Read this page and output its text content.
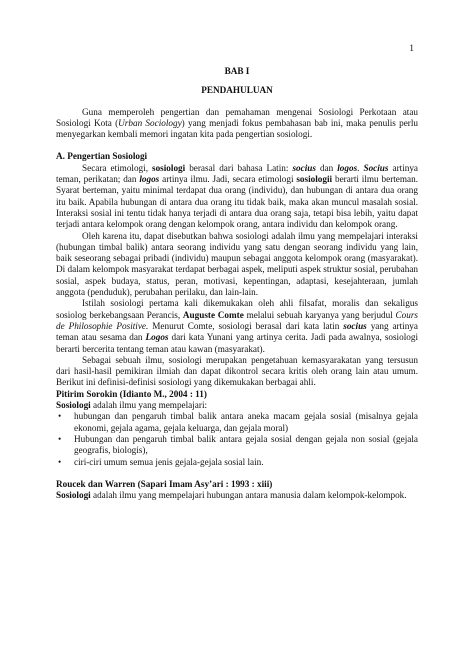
1
BAB I
PENDAHULUAN

Guna memperoleh pengertian dan pemahaman mengenai Sosiologi Perkotaan atau Sosiologi Kota (Urban Sociology) yang menjadi fokus pembahasan bab ini, maka penulis perlu menyegarkan kembali memori ingatan kita pada pengertian sosiologi.

A. Pengertian Sosiologi

Secara etimologi, sosiologi berasal dari bahasa Latin: socius dan logos. Socius artinya teman, perikatan; dan logos artinya ilmu. Jadi, secara etimologi sosiologii berarti ilmu berteman. Syarat berteman, yaitu minimal terdapat dua orang (individu), dan hubungan di antara dua orang itu baik. Apabila hubungan di antara dua orang itu tidak baik, maka akan muncul masalah sosial. Interaksi sosial ini tentu tidak hanya terjadi di antara dua orang saja, tetapi bisa lebih, yaitu dapat terjadi antara kelompok orang dengan kelompok orang, antara individu dan kelompok orang.

Oleh karena itu, dapat disebutkan bahwa sosiologi adalah ilmu yang mempelajari interaksi (hubungan timbal balik) antara seorang individu yang satu dengan seorang individu yang lain, baik seseorang sebagai pribadi (individu) maupun sebagai anggota kelompok orang (masyarakat). Di dalam kelompok masyarakat terdapat berbagai aspek, meliputi aspek struktur sosial, perubahan sosial, aspek budaya, status, peran, motivasi, kepentingan, adaptasi, kesejahteraan, jumlah anggota (penduduk), perubahan perilaku, dan lain-lain.

Istilah sosiologi pertama kali dikemukakan oleh ahli filsafat, moralis dan sekaligus sosiolog berkebangsaan Perancis, Auguste Comte melalui sebuah karyanya yang berjudul Cours de Philosophie Positive. Menurut Comte, sosiologi berasal dari kata latin socius yang artinya teman atau sesama dan Logos dari kata Yunani yang artinya cerita. Jadi pada awalnya, sosiologi berarti bercerita tentang teman atau kawan (masyarakat).

Sebagai sebuah ilmu, sosiologi merupakan pengetahuan kemasyarakatan yang tersusun dari hasil-hasil pemikiran ilmiah dan dapat dikontrol secara kritis oleh orang lain atau umum. Berikut ini definisi-definisi sosiologi yang dikemukakan berbagai ahli.

Pitirim Sorokin (Idianto M., 2004 : 11)

Sosiologi adalah ilmu yang mempelajari:

• hubungan dan pengaruh timbal balik antara aneka macam gejala sosial (misalnya gejala ekonomi, gejala agama, gejala keluarga, dan gejala moral)
• Hubungan dan pengaruh timbal balik antara gejala sosial dengan gejala non sosial (gejala geografis, biologis),
• ciri-ciri umum semua jenis gejala-gejala sosial lain.

Roucek dan Warren (Sapari Imam Asy’ari : 1993 : xiii)

Sosiologi adalah ilmu yang mempelajari hubungan antara manusia dalam kelompok-kelompok.
